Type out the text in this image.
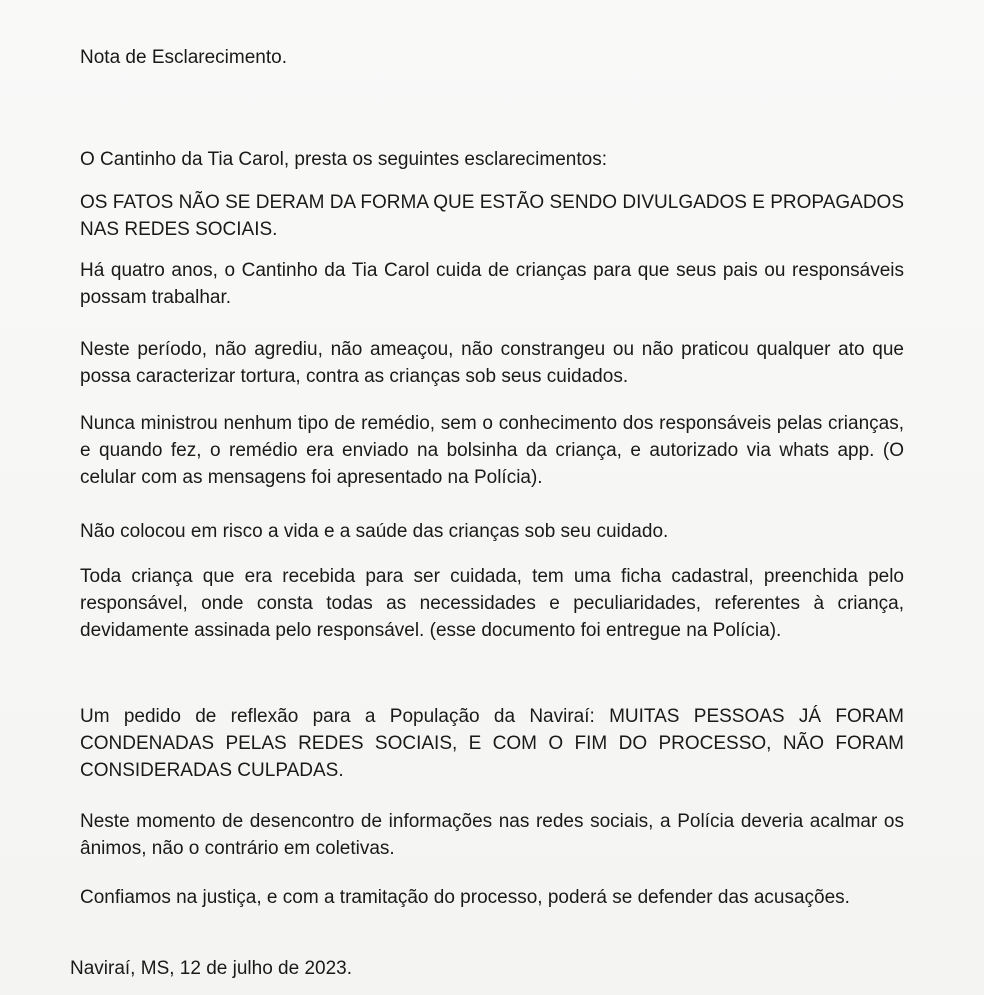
Nota de Esclarecimento.

O Cantinho da Tia Carol, presta os seguintes esclarecimentos:

OS FATOS NÃO SE DERAM DA FORMA QUE ESTÃO SENDO DIVULGADOS E PROPAGADOS NAS REDES SOCIAIS.

Há quatro anos, o Cantinho da Tia Carol cuida de crianças para que seus pais ou responsáveis possam trabalhar.

Neste período, não agrediu, não ameaçou, não constrangeu ou não praticou qualquer ato que possa caracterizar tortura, contra as crianças sob seus cuidados.

Nunca ministrou nenhum tipo de remédio, sem o conhecimento dos responsáveis pelas crianças, e quando fez, o remédio era enviado na bolsinha da criança, e autorizado via whats app. (O celular com as mensagens foi apresentado na Polícia).

Não colocou em risco a vida e a saúde das crianças sob seu cuidado.

Toda criança que era recebida para ser cuidada, tem uma ficha cadastral, preenchida pelo responsável, onde consta todas as necessidades e peculiaridades, referentes à criança, devidamente assinada pelo responsável. (esse documento foi entregue na Polícia).

Um pedido de reflexão para a População da Naviraí: MUITAS PESSOAS JÁ FORAM CONDENADAS PELAS REDES SOCIAIS, E COM O FIM DO PROCESSO, NÃO FORAM CONSIDERADAS CULPADAS.

Neste momento de desencontro de informações nas redes sociais, a Polícia deveria acalmar os ânimos, não o contrário em coletivas.

Confiamos na justiça, e com a tramitação do processo, poderá se defender das acusações.

Naviraí, MS, 12 de julho de 2023.
